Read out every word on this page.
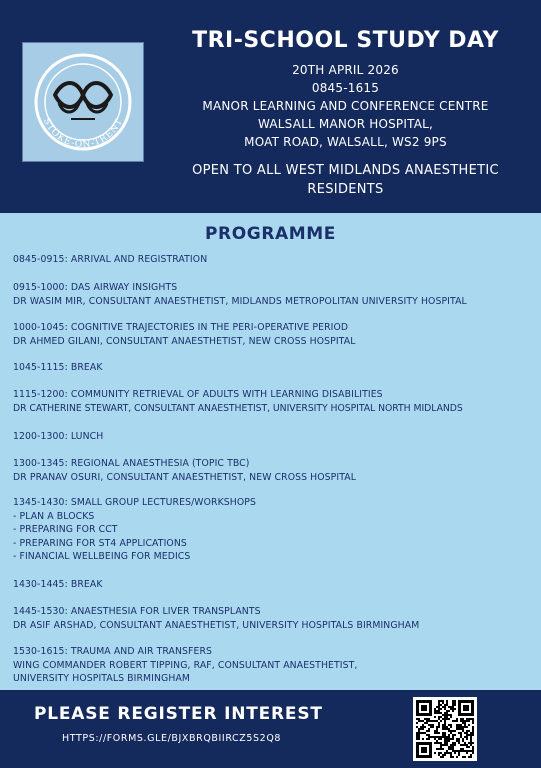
STOKE-ON-TRENT
TRI-SCHOOL STUDY DAY
20TH APRIL 2026
0845-1615
MANOR LEARNING AND CONFERENCE CENTRE
WALSALL MANOR HOSPITAL,
MOAT ROAD, WALSALL, WS2 9PS
OPEN TO ALL WEST MIDLANDS ANAESTHETIC
RESIDENTS
PROGRAMME
0845-0915: ARRIVAL AND REGISTRATION
0915-1000: DAS AIRWAY INSIGHTS
DR WASIM MIR, CONSULTANT ANAESTHETIST, MIDLANDS METROPOLITAN UNIVERSITY HOSPITAL
1000-1045: COGNITIVE TRAJECTORIES IN THE PERI-OPERATIVE PERIOD
DR AHMED GILANI, CONSULTANT ANAESTHETIST, NEW CROSS HOSPITAL
1045-1115: BREAK
1115-1200: COMMUNITY RETRIEVAL OF ADULTS WITH LEARNING DISABILITIES
DR CATHERINE STEWART, CONSULTANT ANAESTHETIST, UNIVERSITY HOSPITAL NORTH MIDLANDS
1200-1300: LUNCH
1300-1345: REGIONAL ANAESTHESIA (TOPIC TBC)
DR PRANAV OSURI, CONSULTANT ANAESTHETIST, NEW CROSS HOSPITAL
1345-1430: SMALL GROUP LECTURES/WORKSHOPS
- PLAN A BLOCKS
- PREPARING FOR CCT
- PREPARING FOR ST4 APPLICATIONS
- FINANCIAL WELLBEING FOR MEDICS
1430-1445: BREAK
1445-1530: ANAESTHESIA FOR LIVER TRANSPLANTS
DR ASIF ARSHAD, CONSULTANT ANAESTHETIST, UNIVERSITY HOSPITALS BIRMINGHAM
1530-1615: TRAUMA AND AIR TRANSFERS
WING COMMANDER ROBERT TIPPING, RAF, CONSULTANT ANAESTHETIST,
UNIVERSITY HOSPITALS BIRMINGHAM
PLEASE REGISTER INTEREST
HTTPS://FORMS.GLE/BJXBRQBIIRCZ5S2Q8
